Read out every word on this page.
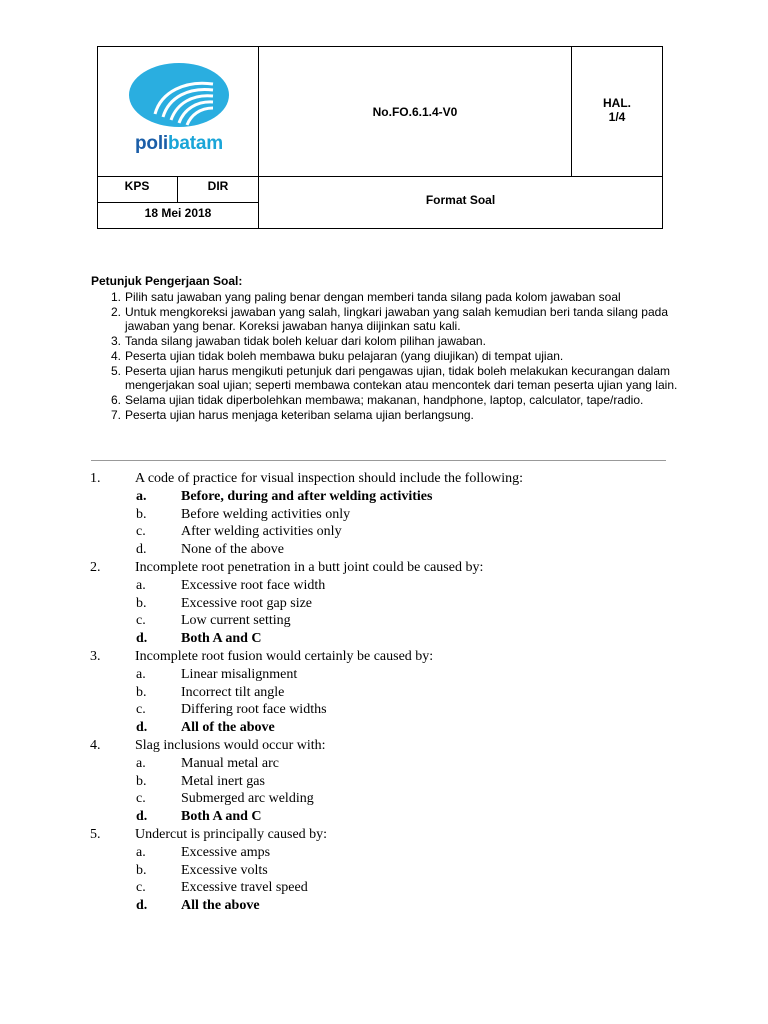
polibatam
No.FO.6.1.4-V0
HAL.
1/4
KPS	DIR
18 Mei 2018
Format Soal
Petunjuk Pengerjaan Soal:
1. Pilih satu jawaban yang paling benar dengan memberi tanda silang pada kolom jawaban soal
2. Untuk mengkoreksi jawaban yang salah, lingkari jawaban yang salah kemudian beri tanda silang pada jawaban yang benar. Koreksi jawaban hanya diijinkan satu kali.
3. Tanda silang jawaban tidak boleh keluar dari kolom pilihan jawaban.
4. Peserta ujian tidak boleh membawa buku pelajaran (yang diujikan) di tempat ujian.
5. Peserta ujian harus mengikuti petunjuk dari pengawas ujian, tidak boleh melakukan kecurangan dalam mengerjakan soal ujian; seperti membawa contekan atau mencontek dari teman peserta ujian yang lain.
6. Selama ujian tidak diperbolehkan membawa; makanan, handphone, laptop, calculator, tape/radio.
7. Peserta ujian harus menjaga keteriban selama ujian berlangsung.
1. A code of practice for visual inspection should include the following:
a. Before, during and after welding activities
b. Before welding activities only
c.	After welding activities only
d. None of the above
2. Incomplete root penetration in a butt joint could be caused by:
a.	Excessive root face width
b. Excessive root gap size
c.	Low current setting
d. Both A and C
3. Incomplete root fusion would certainly be caused by:
a.	Linear misalignment
b. Incorrect tilt angle
c.	Differing root face widths
d. All of the above
4. Slag inclusions would occur with:
a.	Manual metal arc
b. Metal inert gas
c.	Submerged arc welding
d. Both A and C
5. Undercut is principally caused by:
a.	Excessive amps
b. Excessive volts
c.	Excessive travel speed
d. All the above
